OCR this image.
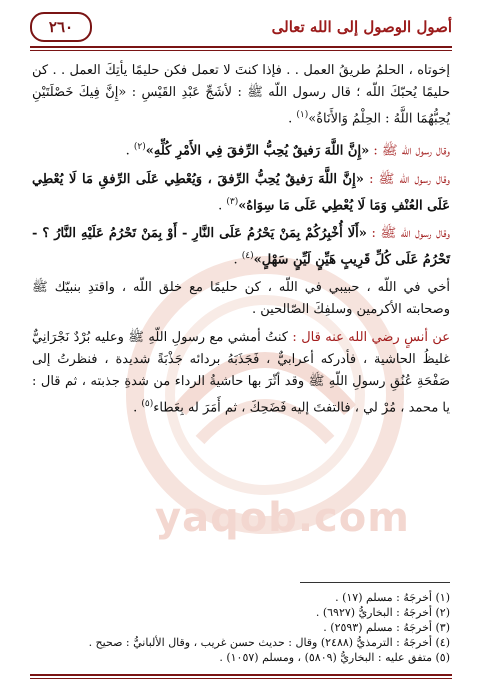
أصول الوصول إلى الله تعالى
٢٦٠
yaqob.com

إخوتاه ، الحلمُ طريقُ العمل . . فإذا كنتَ لا تعمل فكن حليمًا يأتِكَ العمل . . كن حليمًا يُحبّكَ اللّه ؛ قال رسول اللّه ﷺ : لأشَجِّ عَبْدِ القَيْسِ : «إِنَّ فِيكَ خَصْلَتَيْنِ يُحِبُّهُمَا اللَّهُ : الحِلْمُ وَالأَنَاةُ»$^{(١)}$ .

وقال رسول اللّه ﷺ : «إِنَّ اللَّهَ رَفيقٌ يُحِبُّ الرِّفقَ فِي الأَمْرِ كُلِّهِ»$^{(٢)}$ .

وقال رسول اللّه ﷺ : «إِنَّ اللَّهَ رَفيقٌ يُحِبُّ الرِّفقَ ، وَيُعْطِي عَلَى الرِّفقِ مَا لَا يُعْطِي عَلَى العُنْفِ وَمَا لَا يُعْطِي عَلَى مَا سِوَاهُ»$^{(٣)}$ .

وقال رسول اللّه ﷺ : «أَلَا أُخْبِرُكُمْ بِمَنْ يَحْرُمُ عَلَى النَّارِ - أَوْ بِمَنْ تَحْرُمُ عَلَيْهِ النَّارُ ؟ - تَحْرُمُ عَلَى كُلِّ قَرِيبٍ هَيِّنٍ لَيِّنٍ سَهْلٍ»$^{(٤)}$ .

أخي في اللّه ، حبيبي في اللّه ، كن حليمًا مع خلق اللّه ، واقتدِ بنبيّك ﷺ وصحابته الأكرمين وسلفِكَ الصّالحين .

عن أنسٍ رضي الله عنه قال : كنتُ أمشي مع رسولِ اللّهِ ﷺ وعليه بُرْدٌ نَجْرَانِيٌّ غليظُ الحاشية ، فأدركه أعرابيٌّ ، فَجَذَبَهُ بردائه جَذْبَةً شديدة ، فنظرتُ إلى صَفْحَةِ عُنُقِ رسولِ اللّهِ ﷺ وقد أثّرَ بها حاشيةُ الرداء من شدةِ جذبته ، ثم قال : يا محمد ، مُرْ لي ، فالتفتَ إليه فَضَحِكَ ، ثم أَمَرَ له بِعَطاء$^{(٥)}$ .

(١) أخرجَهُ : مسلم (١٧) .
(٢) أخرجَهُ : البخاريُّ (٦٩٢٧) .
(٣) أخرجَهُ : مسلم (٢٥٩٣) .
(٤) أخرجَهُ : الترمذيُّ (٢٤٨٨) وقال : حديث حسن غريب ، وقال الألبانيُّ : صحيح .
(٥) متفق عليه : البخاريُّ (٥٨٠٩) ، ومسلم (١٠٥٧) .
